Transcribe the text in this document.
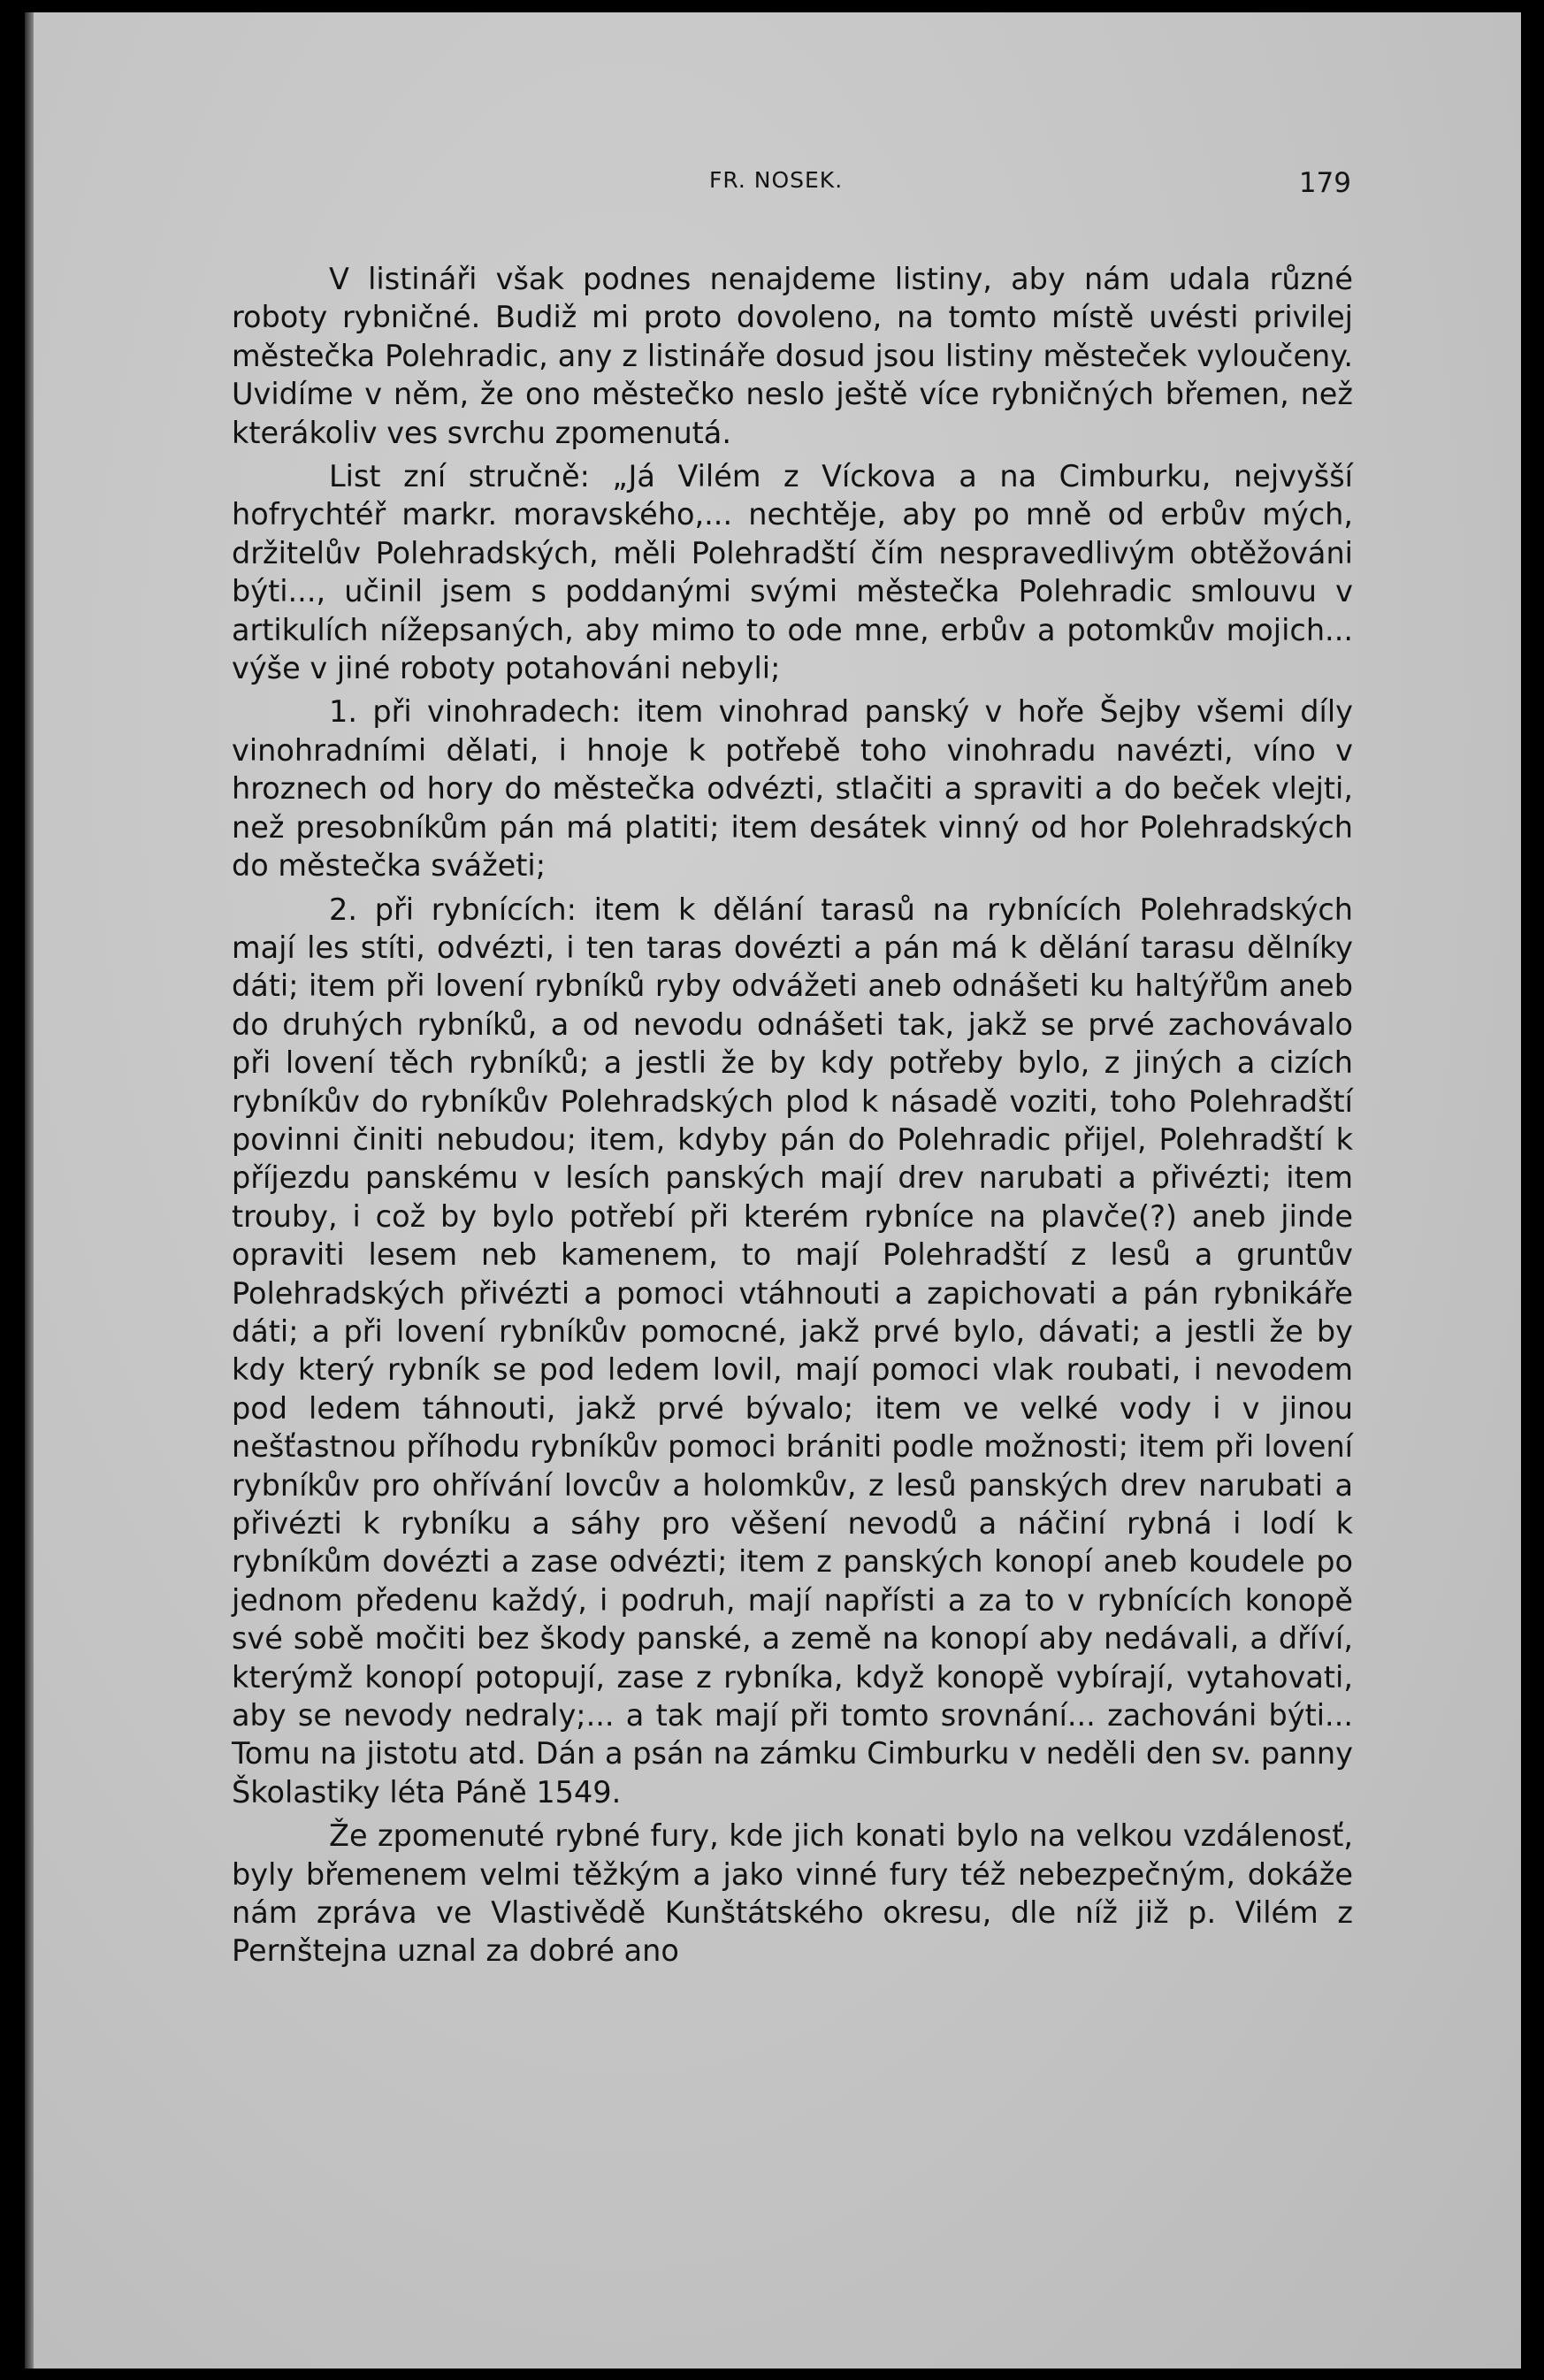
FR. NOSEK.	179

V listináři však podnes nenajdeme listiny, aby nám udala různé roboty rybničné. Budiž mi proto dovoleno, na tomto místě uvésti privilej městečka Polehradic, any z listináře dosud jsou listiny městeček vyloučeny. Uvidíme v něm, že ono městečko neslo ještě více rybničných břemen, než kterákoliv ves svrchu zpomenutá.

List zní stručně: „Já Vilém z Víckova a na Cimburku, nejvyšší hofrychtéř markr. moravského,... nechtěje, aby po mně od erbův mých, držitelův Polehradských, měli Polehradští čím nespravedlivým obtěžováni býti..., učinil jsem s poddanými svými městečka Polehradic smlouvu v artikulích nížepsaných, aby mimo to ode mne, erbův a potomkův mojich... výše v jiné roboty potahováni nebyli;

1. při vinohradech: item vinohrad panský v hoře Šejby všemi díly vinohradními dělati, i hnoje k potřebě toho vinohradu navézti, víno v hroznech od hory do městečka odvézti, stlačiti a spraviti a do beček vlejti, než presobníkům pán má platiti; item desátek vinný od hor Polehradských do městečka svážeti;

2. při rybnících: item k dělání tarasů na rybnících Polehradských mají les stíti, odvézti, i ten taras dovézti a pán má k dělání tarasu dělníky dáti; item při lovení rybníků ryby odvážeti aneb odnášeti ku haltýřům aneb do druhých rybníků, a od nevodu odnášeti tak, jakž se prvé zachovávalo při lovení těch rybníků; a jestli že by kdy potřeby bylo, z jiných a cizích rybníkův do rybníkův Polehradských plod k násadě voziti, toho Polehradští povinni činiti nebudou; item, kdyby pán do Polehradic přijel, Polehradští k příjezdu panskému v lesích panských mají drev narubati a přivézti; item trouby, i což by bylo potřebí při kterém rybníce na plavče(?) aneb jinde opraviti lesem neb kamenem, to mají Polehradští z lesů a gruntův Polehradských přivézti a pomoci vtáhnouti a zapichovati a pán rybnikáře dáti; a při lovení rybníkův pomocné, jakž prvé bylo, dávati; a jestli že by kdy který rybník se pod ledem lovil, mají pomoci vlak roubati, i nevodem pod ledem táhnouti, jakž prvé bývalo; item ve velké vody i v jinou nešťastnou příhodu rybníkův pomoci brániti podle možnosti; item při lovení rybníkův pro ohřívání lovcův a holomkův, z lesů panských drev narubati a přivézti k rybníku a sáhy pro věšení nevodů a náčiní rybná i lodí k rybníkům dovézti a zase odvézti; item z panských konopí aneb koudele po jednom předenu každý, i podruh, mají napřísti a za to v rybnících konopě své sobě močiti bez škody panské, a země na konopí aby nedávali, a dříví, kterýmž konopí potopují, zase z rybníka, když konopě vybírají, vytahovati, aby se nevody nedraly;... a tak mají při tomto srovnání... zachováni býti... Tomu na jistotu atd. Dán a psán na zámku Cimburku v neděli den sv. panny Školastiky léta Páně 1549.

Že zpomenuté rybné fury, kde jich konati bylo na velkou vzdálenosť, byly břemenem velmi těžkým a jako vinné fury též nebezpečným, dokáže nám zpráva ve Vlastivědě Kunštátského okresu, dle níž již p. Vilém z Pernštejna uznal za dobré ano
